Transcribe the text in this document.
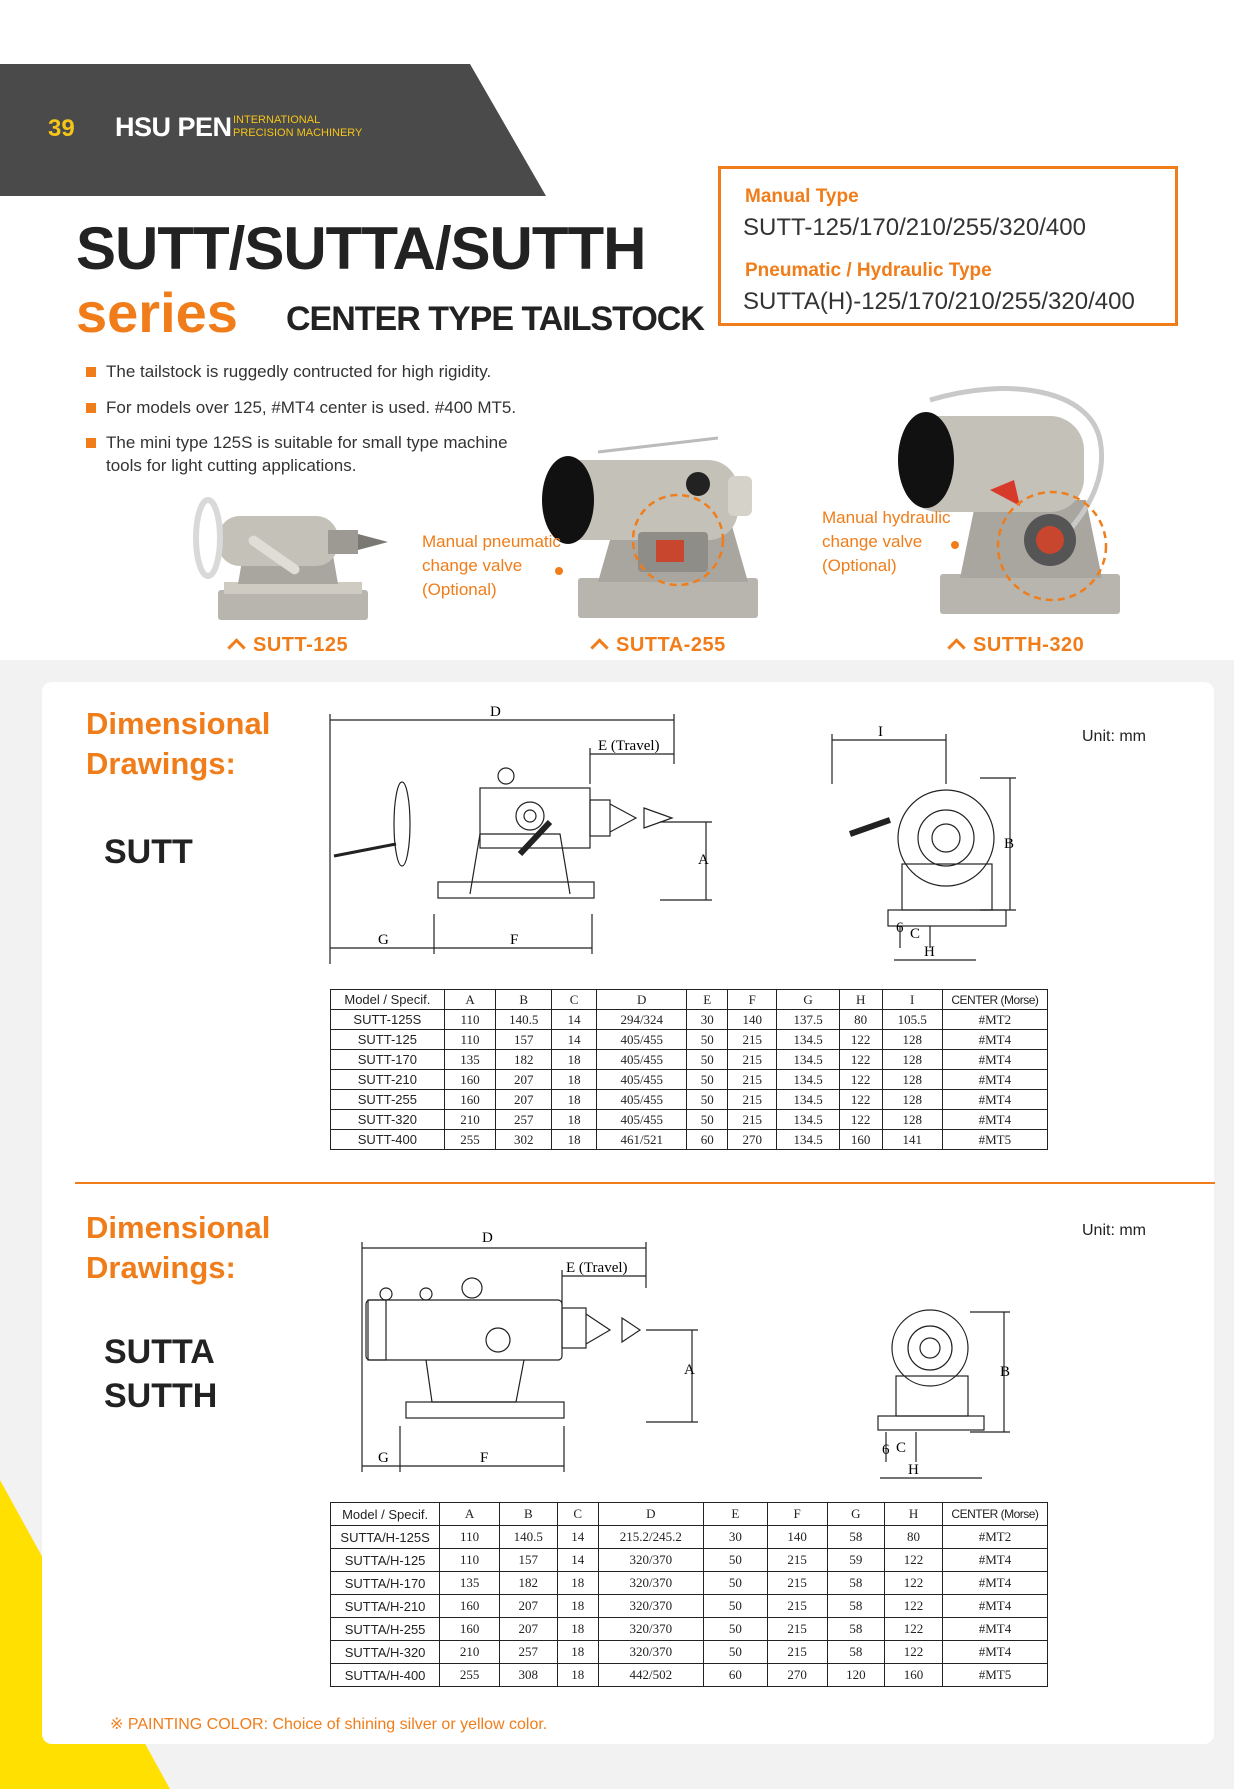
39 HSU PEN INTERNATIONAL
PRECISION MACHINERY
SUTT/SUTTA/SUTTH
series CENTER TYPE TAILSTOCK
Manual Type
SUTT-125/170/210/255/320/400
Pneumatic / Hydraulic Type
SUTTA(H)-125/170/210/255/320/400
The tailstock is ruggedly contructed for high rigidity.
For models over 125, #MT4 center is used. #400 MT5.
The mini type 125S is suitable for small type machine
tools for light cutting applications.
Manual pneumatic
change valve
(Optional)
Manual hydraulic
change valve
(Optional)
SUTT-125	SUTTA-255	SUTTH-320
Dimensional
Drawings:
SUTT
Unit: mm
D
E (Travel)
A
G	F
I
B
6 C
H
Model / Specif.	A	B	C	D	E	F	G	H	I	CENTER (Morse)
SUTT-125S	110	140.5	14	294/324	30	140	137.5	80	105.5	#MT2
SUTT-125	110	157	14	405/455	50	215	134.5	122	128	#MT4
SUTT-170	135	182	18	405/455	50	215	134.5	122	128	#MT4
SUTT-210	160	207	18	405/455	50	215	134.5	122	128	#MT4
SUTT-255	160	207	18	405/455	50	215	134.5	122	128	#MT4
SUTT-320	210	257	18	405/455	50	215	134.5	122	128	#MT4
SUTT-400	255	302	18	461/521	60	270	134.5	160	141	#MT5
Dimensional
Drawings:
SUTTA
SUTTH
Unit: mm
D
E (Travel)
A
G	F
B
6 C
H
Model / Specif.	A	B	C	D	E	F	G	H	CENTER (Morse)
SUTTA/H-125S	110	140.5	14	215.2/245.2	30	140	58	80	#MT2
SUTTA/H-125	110	157	14	320/370	50	215	59	122	#MT4
SUTTA/H-170	135	182	18	320/370	50	215	58	122	#MT4
SUTTA/H-210	160	207	18	320/370	50	215	58	122	#MT4
SUTTA/H-255	160	207	18	320/370	50	215	58	122	#MT4
SUTTA/H-320	210	257	18	320/370	50	215	58	122	#MT4
SUTTA/H-400	255	308	18	442/502	60	270	120	160	#MT5
※ PAINTING COLOR: Choice of shining silver or yellow color.
